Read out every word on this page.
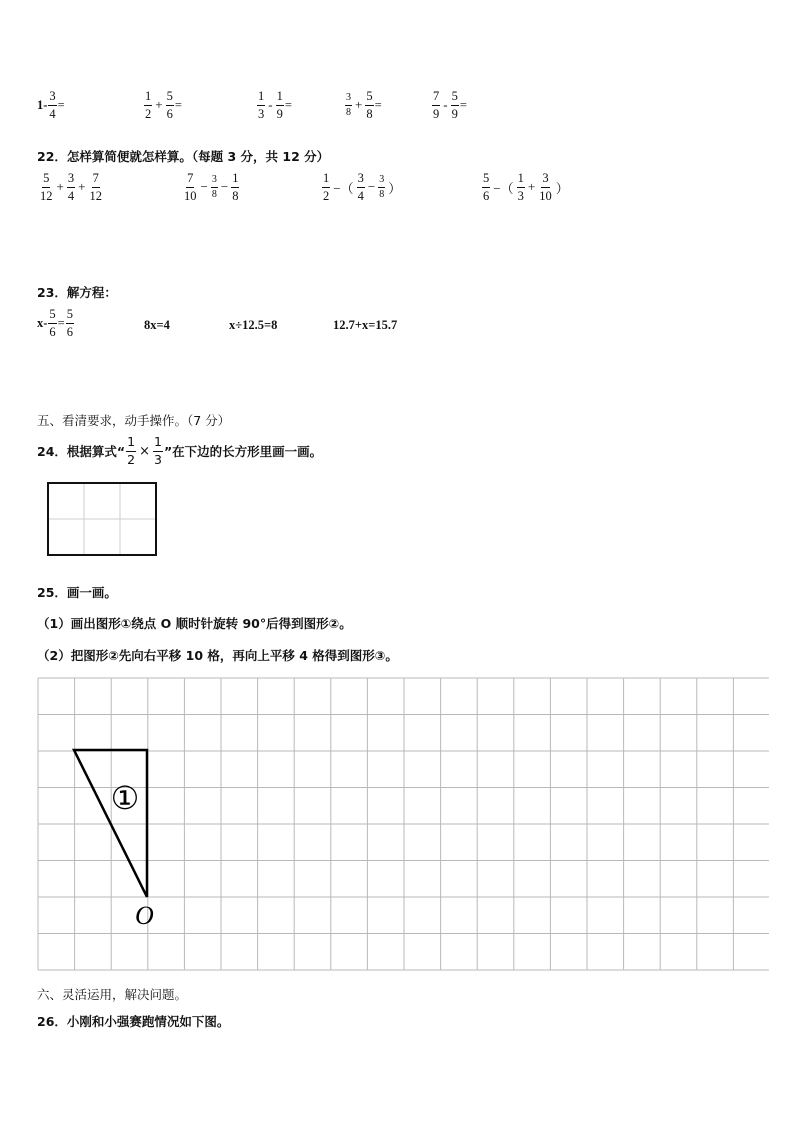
$1- \frac{3}{4}$ =	$\frac{1}{2} + \frac{5}{6}$ =	$\frac{1}{3} - \frac{1}{9}$ =	$\frac{3}{8} + \frac{5}{8}$ =	$\frac{7}{9} - \frac{5}{9}$ =
22．怎样算简便就怎样算。（每题 3 分，共 12 分）
$\frac{5}{12} + \frac{3}{4} + \frac{7}{12}$	$\frac{7}{10} - \frac{3}{8} - \frac{1}{8}$	$\frac{1}{2}$ −（ $\frac{3}{4} - \frac{3}{8}$ ）	$\frac{5}{6}$ −（ $\frac{1}{3} + \frac{3}{10}$ ）
23．解方程：
$x- \frac{5}{6} = \frac{5}{6}$	8x=4	x÷12.5=8	12.7+x=15.7
五、看清要求，动手操作。（7 分）
24．根据算式“ $\frac{1}{2} \times \frac{1}{3}$ ”在下边的长方形里画一画。
25．画一画。
（1）画出图形①绕点 O 顺时针旋转 90°后得到图形②。
（2）把图形②先向右平移 10 格，再向上平移 4 格得到图形③。
①
O
六、灵活运用，解决问题。
26．小刚和小强赛跑情况如下图。
